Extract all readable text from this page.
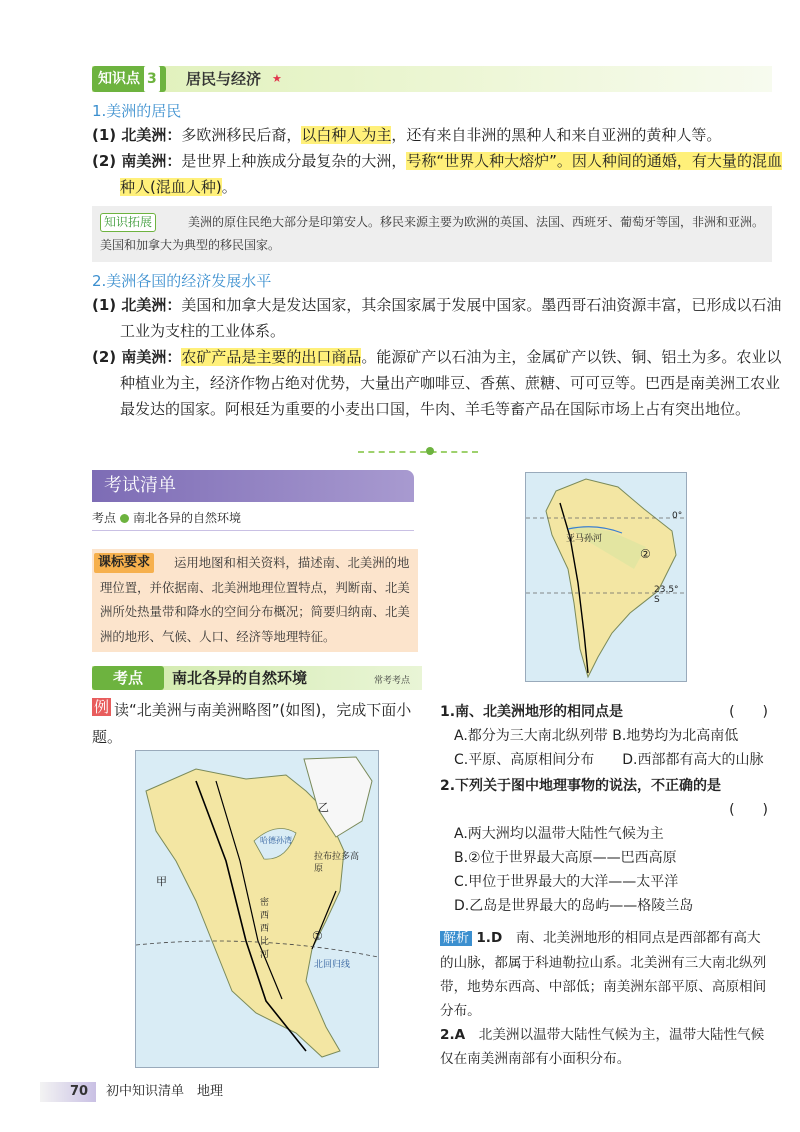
知识点 3	居民与经济 ★
1.美洲的居民
(1) 北美洲：多欧洲移民后裔，以白种人为主，还有来自非洲的黑种人和来自亚洲的黄种人等。
(2) 南美洲：是世界上种族成分最复杂的大洲，号称“世界人种大熔炉”。因人种间的通婚，有大量的混血种人(混血人种)。
知识拓展	美洲的原住民绝大部分是印第安人。移民来源主要为欧洲的英国、法国、西班牙、葡萄牙等国，非洲和亚洲。美国和加拿大为典型的移民国家。
2.美洲各国的经济发展水平
(1) 北美洲：美国和加拿大是发达国家，其余国家属于发展中国家。墨西哥石油资源丰富，已形成以石油工业为支柱的工业体系。
(2) 南美洲：农矿产品是主要的出口商品。能源矿产以石油为主，金属矿产以铁、铜、铝土为多。农业以种植业为主，经济作物占绝对优势，大量出产咖啡豆、香蕉、蔗糖、可可豆等。巴西是南美洲工农业最发达的国家。阿根廷为重要的小麦出口国，牛肉、羊毛等畜产品在国际市场上占有突出地位。
考试清单
考点 南北各异的自然环境
课标要求	运用地图和相关资料，描述南、北美洲的地理位置，并依据南、北美洲地理位置特点，判断南、北美洲所处热量带和降水的空间分布概况；简要归纳南、北美洲的地形、气候、人口、经济等地理特征。
考点	南北各异的自然环境	常考考点
读“北美洲与南美洲略图”(如图)，完成下面小题。
例
亚马孙河
②
0°
23.5° S
乙
甲
哈德孙湾
拉布拉多高原
密西西比河
①
北回归线
1.南、北美洲地形的相同点是	(　　)
A.都分为三大南北纵列带 B.地势均为北高南低
C.平原、高原相间分布　　 D.西部都有高大的山脉
2.下列关于图中地理事物的说法，不正确的是
(　　)
A.两大洲均以温带大陆性气候为主
B.②位于世界最大高原——巴西高原
C.甲位于世界最大的大洋——太平洋
D.乙岛是世界最大的岛屿——格陵兰岛
解析 1.D　 南、北美洲地形的相同点是西部都有高大的山脉，都属于科迪勒拉山系。北美洲有三大南北纵列带，地势东西高、中部低；南美洲东部平原、高原相间分布。
2.A　 北美洲以温带大陆性气候为主，温带大陆性气候仅在南美洲南部有小面积分布。
70 初中知识清单　地理
